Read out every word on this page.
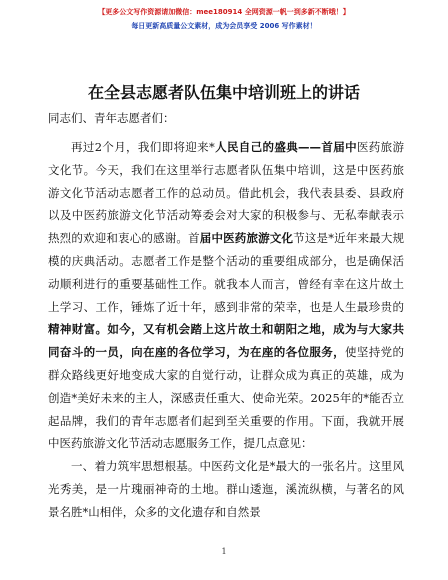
【更多公文写作资源请加微信：mee180914 全网资源一帆一到多新不断哦！】
每日更新高质量公文素材，成为会员享受 2006 写作素材！
在全县志愿者队伍集中培训班上的讲话
同志们、青年志愿者们：

再过2个月，我们即将迎来*人民自己的盛典——首届中医药旅游文化节。今天，我们在这里举行志愿者队伍集中培训，这是中医药旅游文化节活动志愿者工作的总动员。借此机会，我代表县委、县政府以及中医药旅游文化节活动筹委会对大家的积极参与、无私奉献表示热烈的欢迎和衷心的感谢。首届中医药旅游文化节这是*近年来最大规模的庆典活动。志愿者工作是整个活动的重要组成部分，也是确保活动顺利进行的重要基础性工作。就我本人而言，曾经有幸在这片故土上学习、工作，锤炼了近十年，感到非常的荣幸，也是人生最珍贵的精神财富。如今，又有机会踏上这片故土和朝阳之地，成为与大家共同奋斗的一员，向在座的各位学习，为在座的各位服务，使坚持党的群众路线更好地变成大家的自觉行动，让群众成为真正的英雄，成为创造*美好未来的主人，深感责任重大、使命光荣。2025年的*能否立起品牌，我们的青年志愿者们起到至关重要的作用。下面，我就开展中医药旅游文化节活动志愿服务工作，提几点意见：

一、着力筑牢思想根基。中医药文化是*最大的一张名片。这里风光秀美，是一片瑰丽神奇的土地。群山逶迤，溪流纵横，与著名的风景名胜*山相伴，众多的文化遗存和自然景

1
